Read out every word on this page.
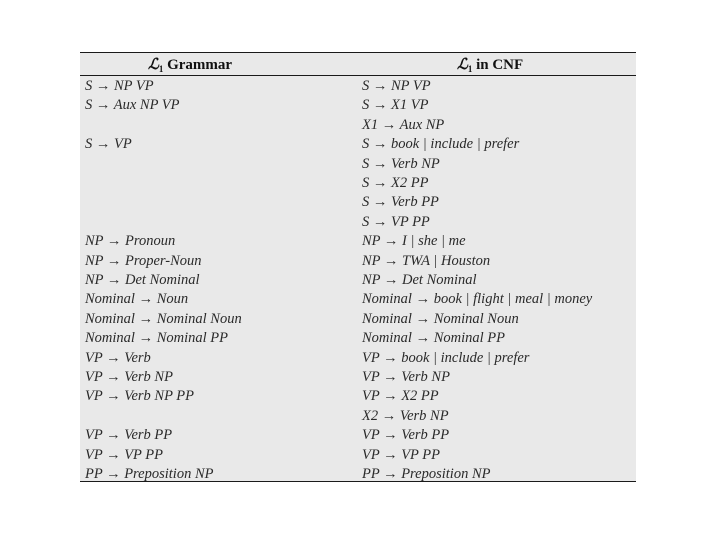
ℒ$_1$ Grammar	ℒ$_1$ in CNF
S → NP VP
S → Aux NP VP
S → VP
NP → Pronoun
NP → Proper-Noun
NP → Det Nominal
Nominal → Noun
Nominal → Nominal Noun
Nominal → Nominal PP
VP → Verb
VP → Verb NP
VP → Verb NP PP
VP → Verb PP
VP → VP PP
PP → Preposition NP
S → NP VP
S → X1 VP
X1 → Aux NP
S → book | include | prefer
S → Verb NP
S → X2 PP
S → Verb PP
S → VP PP
NP → I | she | me
NP → TWA | Houston
NP → Det Nominal
Nominal → book | flight | meal | money
Nominal → Nominal Noun
Nominal → Nominal PP
VP → book | include | prefer
VP → Verb NP
VP → X2 PP
X2 → Verb NP
VP → Verb PP
VP → VP PP
PP → Preposition NP
